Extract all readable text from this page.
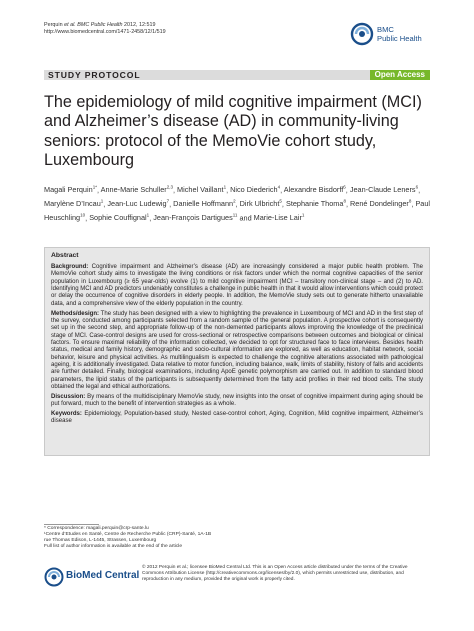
Perquin et al. BMC Public Health 2012, 12:519
http://www.biomedcentral.com/1471-2458/12/1/519	BMC
Public Health
STUDY PROTOCOL	Open Access
The epidemiology of mild cognitive impairment (MCI) and Alzheimer’s disease (AD) in community-living seniors: protocol of the MemoVie cohort study, Luxembourg
Magali Perquin$^{1*}$, Anne-Marie Schuller$^{2,3}$, Michel Vaillant$^1$, Nico Diederich$^4$, Alexandre Bisdorff$^6$, Jean-Claude Leners$^6$, Marylène D’Incau$^1$, Jean-Luc Ludewig$^7$, Danielle Hoffmann$^2$, Dirk Ulbricht$^5$, Stephanie Thoma$^8$, René Dondelinger$^8$, Paul Heuschling$^{10}$, Sophie Couffignal$^1$, Jean-François Dartigues$^{11}$ and Marie-Lise Lair$^1$
Abstract

Background: Cognitive impairment and Alzheimer’s disease (AD) are increasingly considered a major public health problem. The MemoVie cohort study aims to investigate the living conditions or risk factors under which the normal cognitive capacities of the senior population in Luxembourg (≥ 65 year-olds) evolve (1) to mild cognitive impairment (MCI – transitory non-clinical stage – and (2) to AD. Identifying MCI and AD predictors undeniably constitutes a challenge in public health in that it would allow interventions which could protect or delay the occurrence of cognitive disorders in elderly people. In addition, the MemoVie study sets out to generate hitherto unavailable data, and a comprehensive view of the elderly population in the country.

Methods/design: The study has been designed with a view to highlighting the prevalence in Luxembourg of MCI and AD in the first step of the survey, conducted among participants selected from a random sample of the general population. A prospective cohort is consequently set up in the second step, and appropriate follow-up of the non-demented participants allows improving the knowledge of the preclinical stage of MCI. Case-control designs are used for cross-sectional or retrospective comparisons between outcomes and biological or clinical factors. To ensure maximal reliability of the information collected, we decided to opt for structured face to face interviews. Besides health status, medical and family history, demographic and socio-cultural information are explored, as well as education, habitat network, social behavior, leisure and physical activities. As multilingualism is expected to challenge the cognitive alterations associated with pathological ageing, it is additionally investigated. Data relative to motor function, including balance, walk, limits of stability, history of falls and accidents are further detailed. Finally, biological examinations, including ApoE genetic polymorphism are carried out. In addition to standard blood parameters, the lipid status of the participants is subsequently determined from the fatty acid profiles in their red blood cells. The study obtained the legal and ethical authorizations.

Discussion: By means of the multidisciplinary MemoVie study, new insights into the onset of cognitive impairment during aging should be put forward, much to the benefit of intervention strategies as a whole.

Keywords: Epidemiology, Population-based study, Nested case-control cohort, Aging, Cognition, Mild cognitive impairment, Alzheimer’s disease

* Correspondence: magali.perquin@crp-sante.lu
¹Centre d’Etudes en Santé, Centre de Recherche Public (CRP)-Santé, 1A-1B
rue Thomas Edison, L-1445, Strassen, Luxembourg
Full list of author information is available at the end of the article
BioMed Central
© 2012 Perquin et al.; licensee BioMed Central Ltd. This is an Open Access article distributed under the terms of the Creative
Commons Attribution License (http://creativecommons.org/licenses/by/2.0), which permits unrestricted use, distribution, and
reproduction in any medium, provided the original work is properly cited.
